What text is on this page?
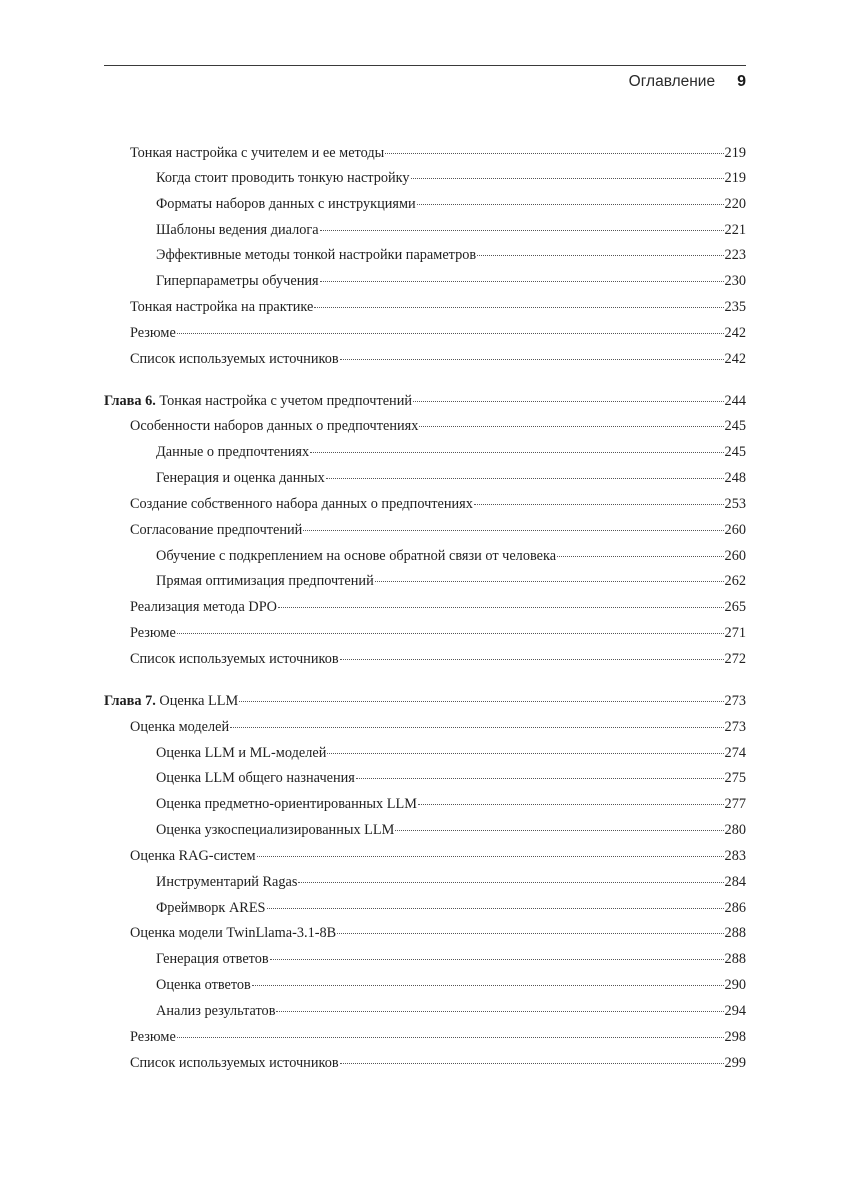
Оглавление 9
Тонкая настройка с учителем и ее методы	219
Когда стоит проводить тонкую настройку	219
Форматы наборов данных с инструкциями	220
Шаблоны ведения диалога	221
Эффективные методы тонкой настройки параметров	223
Гиперпараметры обучения	230
Тонкая настройка на практике	235
Резюме	242
Список используемых источников	242
Глава 6. Тонкая настройка с учетом предпочтений	244
Особенности наборов данных о предпочтениях	245
Данные о предпочтениях	245
Генерация и оценка данных	248
Создание собственного набора данных о предпочтениях	253
Согласование предпочтений	260
Обучение с подкреплением на основе обратной связи от человека	260
Прямая оптимизация предпочтений	262
Реализация метода DPO	265
Резюме	271
Список используемых источников	272
Глава 7. Оценка LLM	273
Оценка моделей	273
Оценка LLM и ML-моделей	274
Оценка LLM общего назначения	275
Оценка предметно-ориентированных LLM	277
Оценка узкоспециализированных LLM	280
Оценка RAG-систем	283
Инструментарий Ragas	284
Фреймворк ARES	286
Оценка модели TwinLlama-3.1-8B	288
Генерация ответов	288
Оценка ответов	290
Анализ результатов	294
Резюме	298
Список используемых источников	299
